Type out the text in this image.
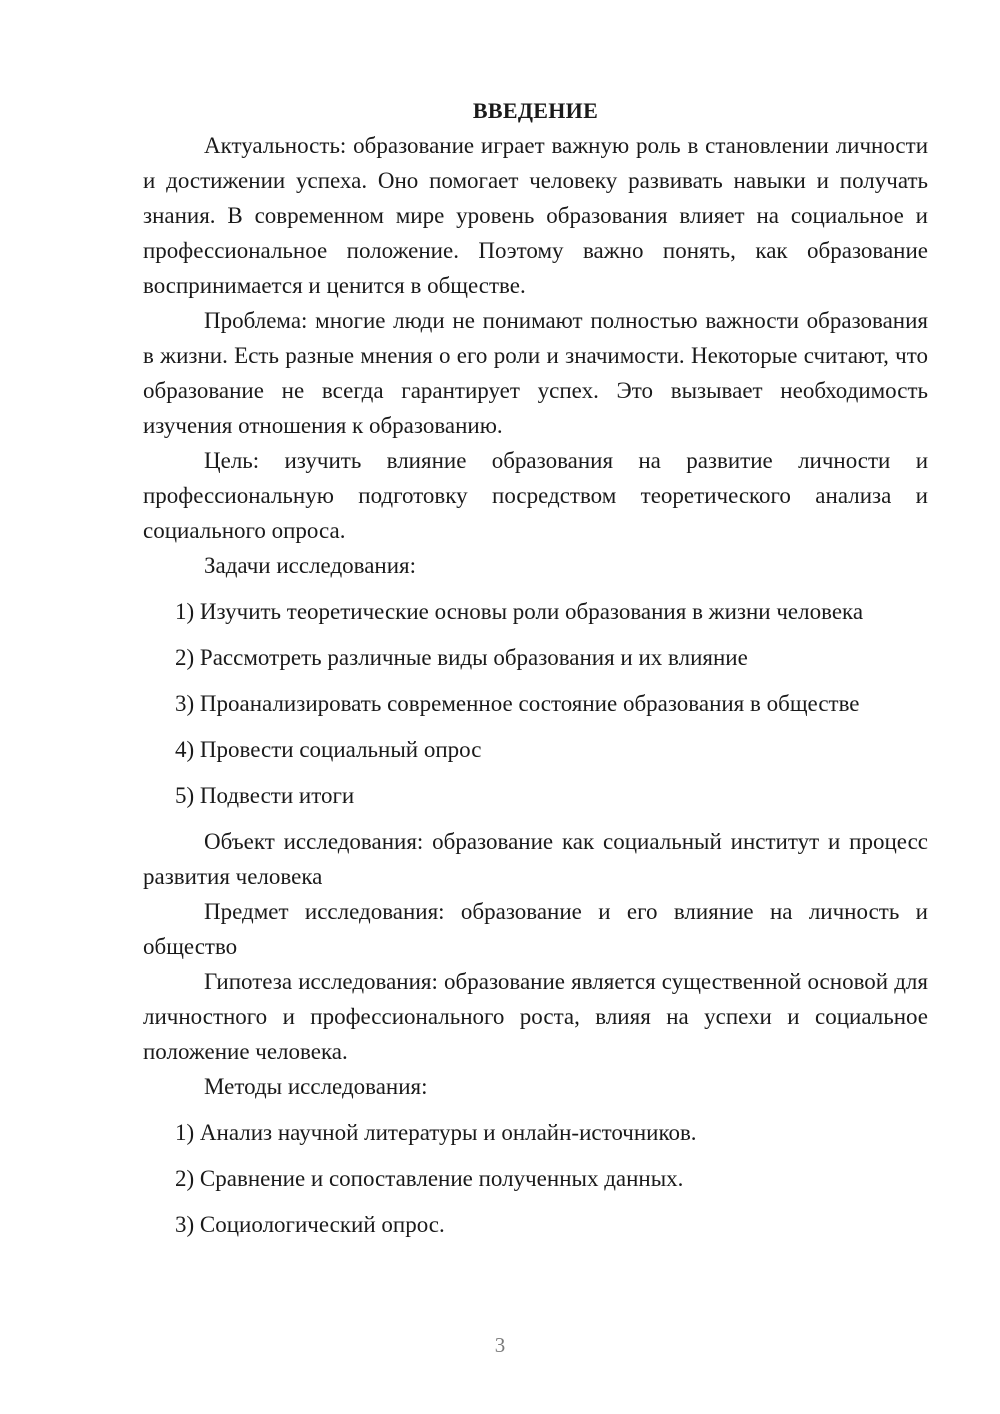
ВВЕДЕНИЕ

Актуальность: образование играет важную роль в становлении личности и достижении успеха. Оно помогает человеку развивать навыки и получать знания. В современном мире уровень образования влияет на социальное и профессиональное положение. Поэтому важно понять, как образование воспринимается и ценится в обществе.

Проблема: многие люди не понимают полностью важности образования в жизни. Есть разные мнения о его роли и значимости. Некоторые считают, что образование не всегда гарантирует успех. Это вызывает необходимость изучения отношения к образованию.

Цель: изучить влияние образования на развитие личности и профессиональную подготовку посредством теоретического анализа и социального опроса.

Задачи исследования:

1) Изучить теоретические основы роли образования в жизни человека

2) Рассмотреть различные виды образования и их влияние

3) Проанализировать современное состояние образования в обществе

4) Провести социальный опрос

5) Подвести итоги

Объект исследования: образование как социальный институт и процесс развития человека

Предмет исследования: образование и его влияние на личность и общество

Гипотеза исследования: образование является существенной основой для личностного и профессионального роста, влияя на успехи и социальное положение человека.

Методы исследования:

1) Анализ научной литературы и онлайн-источников.

2) Сравнение и сопоставление полученных данных.

3) Социологический опрос.

3
